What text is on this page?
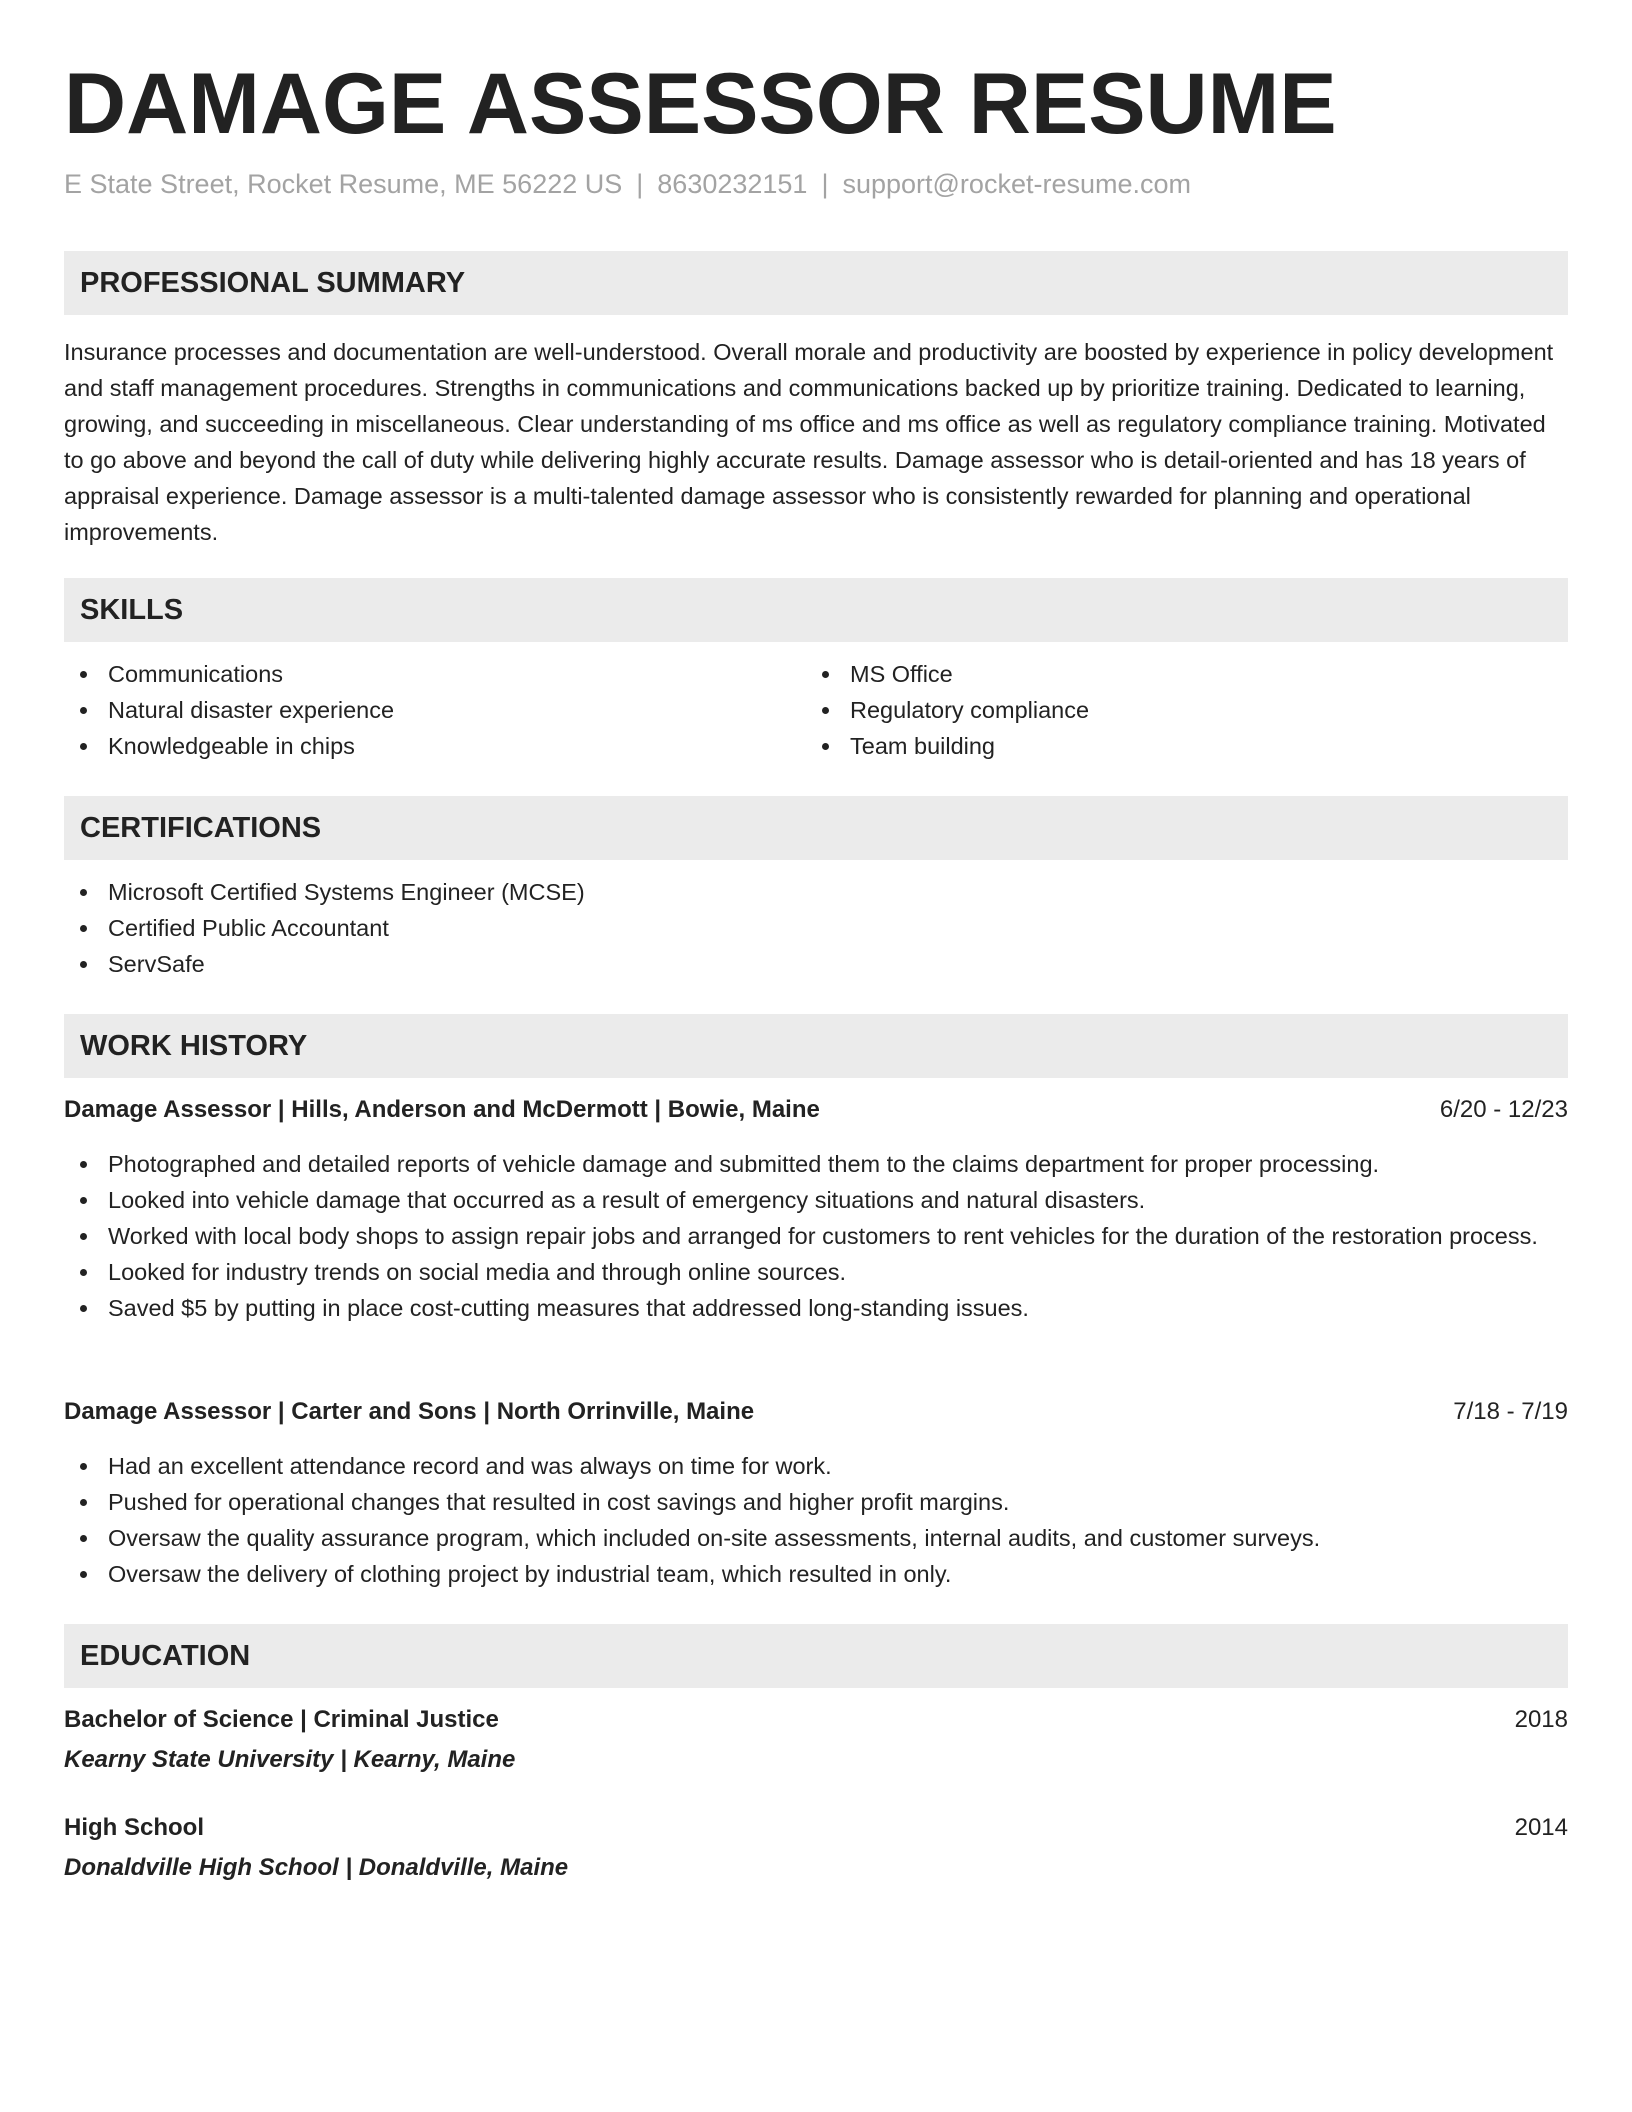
DAMAGE ASSESSOR RESUME
E State Street, Rocket Resume, ME 56222 US | 8630232151 | support@rocket-resume.com
PROFESSIONAL SUMMARY

Insurance processes and documentation are well-understood. Overall morale and productivity are boosted by experience in policy development and staff management procedures. Strengths in communications and communications backed up by prioritize training. Dedicated to learning, growing, and succeeding in miscellaneous. Clear understanding of ms office and ms office as well as regulatory compliance training. Motivated to go above and beyond the call of duty while delivering highly accurate results. Damage assessor who is detail-oriented and has 18 years of appraisal experience. Damage assessor is a multi-talented damage assessor who is consistently rewarded for planning and operational improvements.

SKILLS
Communications
Natural disaster experience
Knowledgeable in chips
MS Office
Regulatory compliance
Team building
CERTIFICATIONS
Microsoft Certified Systems Engineer (MCSE)
Certified Public Accountant
ServSafe
WORK HISTORY
Damage Assessor | Hills, Anderson and McDermott | Bowie, Maine	6/20 - 12/23
Photographed and detailed reports of vehicle damage and submitted them to the claims department for proper processing.
Looked into vehicle damage that occurred as a result of emergency situations and natural disasters.
Worked with local body shops to assign repair jobs and arranged for customers to rent vehicles for the duration of the restoration process.
Looked for industry trends on social media and through online sources.
Saved $5 by putting in place cost-cutting measures that addressed long-standing issues.
Damage Assessor | Carter and Sons | North Orrinville, Maine	7/18 - 7/19
Had an excellent attendance record and was always on time for work.
Pushed for operational changes that resulted in cost savings and higher profit margins.
Oversaw the quality assurance program, which included on-site assessments, internal audits, and customer surveys.
Oversaw the delivery of clothing project by industrial team, which resulted in only.
EDUCATION
Bachelor of Science | Criminal Justice	2018
Kearny State University | Kearny, Maine
High School	2014
Donaldville High School | Donaldville, Maine
